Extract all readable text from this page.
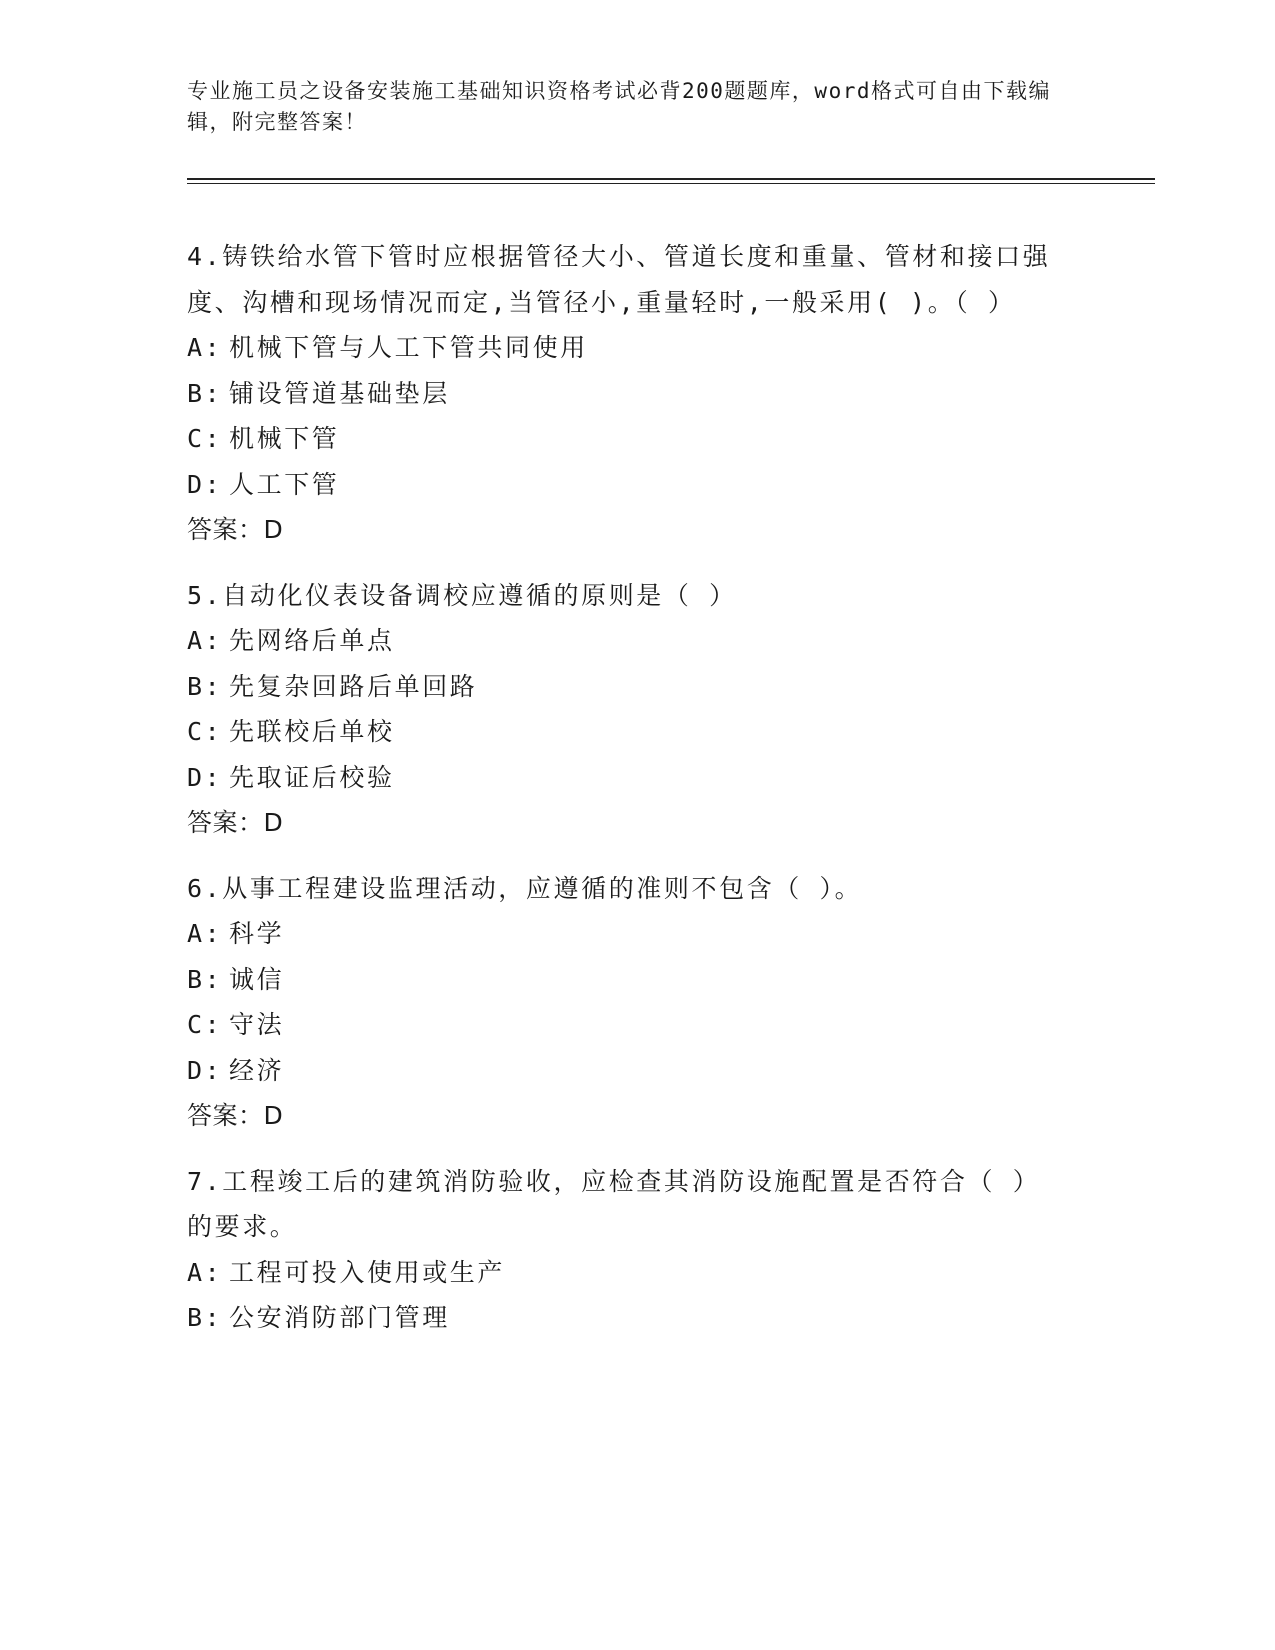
专业施工员之设备安装施工基础知识资格考试必背200题题库，word格式可自由下载编辑，附完整答案！

4.铸铁给水管下管时应根据管径大小、管道长度和重量、管材和接口强度、沟槽和现场情况而定,当管径小,重量轻时,一般采用( )。（ ）

A: 机械下管与人工下管共同使用

B: 铺设管道基础垫层

C: 机械下管

D: 人工下管

答案：D

5.自动化仪表设备调校应遵循的原则是（ ）

A: 先网络后单点

B: 先复杂回路后单回路

C: 先联校后单校

D: 先取证后校验

答案：D

6.从事工程建设监理活动，应遵循的准则不包含（ ）。

A: 科学

B: 诚信

C: 守法

D: 经济

答案：D

7.工程竣工后的建筑消防验收，应检查其消防设施配置是否符合（ ）的要求。

A: 工程可投入使用或生产

B: 公安消防部门管理
